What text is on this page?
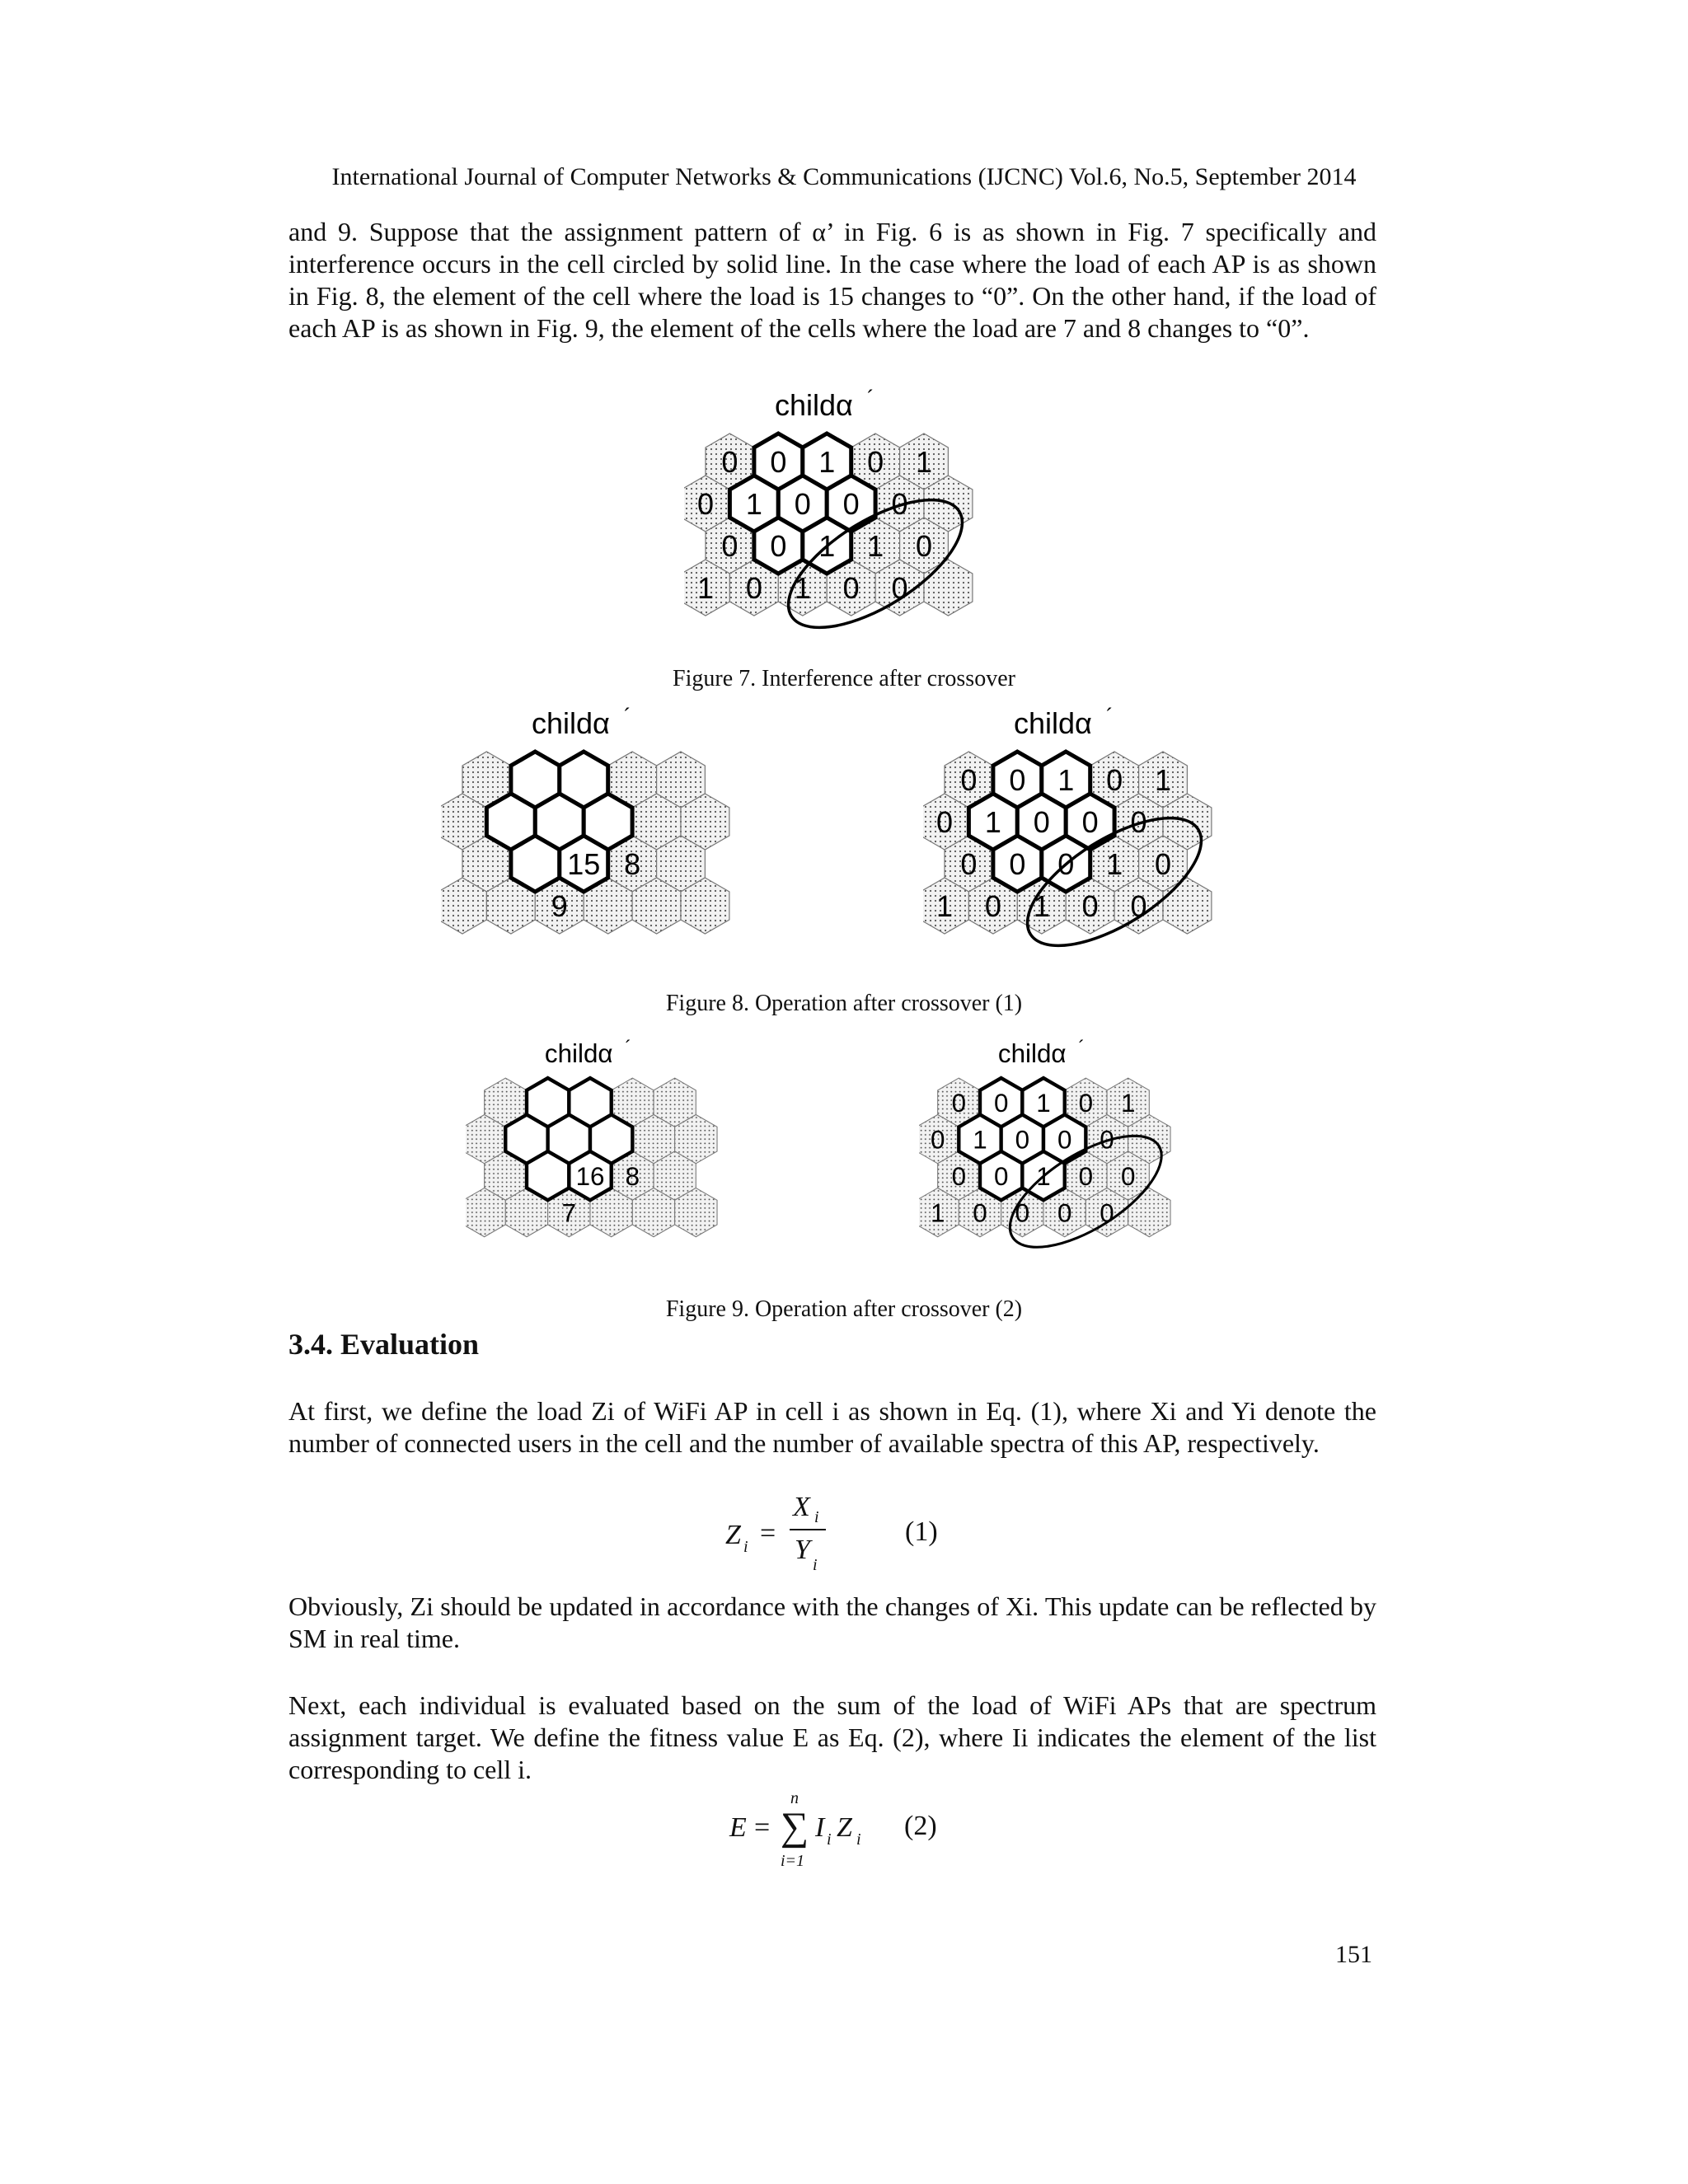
International Journal of Computer Networks & Communications (IJCNC) Vol.6, No.5, September 2014

and 9. Suppose that the assignment pattern of α’ in Fig. 6 is as shown in Fig. 7 specifically and interference occurs in the cell circled by solid line. In the case where the load of each AP is as shown in Fig. 8, the element of the cell where the load is 15 changes to “0”. On the other hand, if the load of each AP is as shown in Fig. 9, the element of the cells where the load are 7 and 8 changes to “0”.

childα ´
0 0 1 0 1
0 1 0 0 0
0 0 1 1 0
1 0 1 0 0
Figure 7. Interference after crossover
childα ´
15 8
9
childα ´
0 0 1 0 1
0 1 0 0 0
0 0 0 1 0
1 0 1 0 0
Figure 8. Operation after crossover (1)
childα ´
16 8
7
childα ´
0 0 1 0 1
0 1 0 0 0
0 0 1 0 0
1 0 0 0 0
Figure 9. Operation after crossover (2)
3.4. Evaluation

At first, we define the load Zi of WiFi AP in cell i as shown in Eq. (1), where Xi and Yi denote the number of connected users in the cell and the number of available spectra of this AP, respectively.

Z i =
X i
Y i
(1)

Obviously, Zi should be updated in accordance with the changes of Xi. This update can be reflected by SM in real time.

Next, each individual is evaluated based on the sum of the load of WiFi APs that are spectrum assignment target. We define the fitness value E as Eq. (2), where Ii indicates the element of the list corresponding to cell i.

E =
n
∑
i=1
I i Z i (2)
151
